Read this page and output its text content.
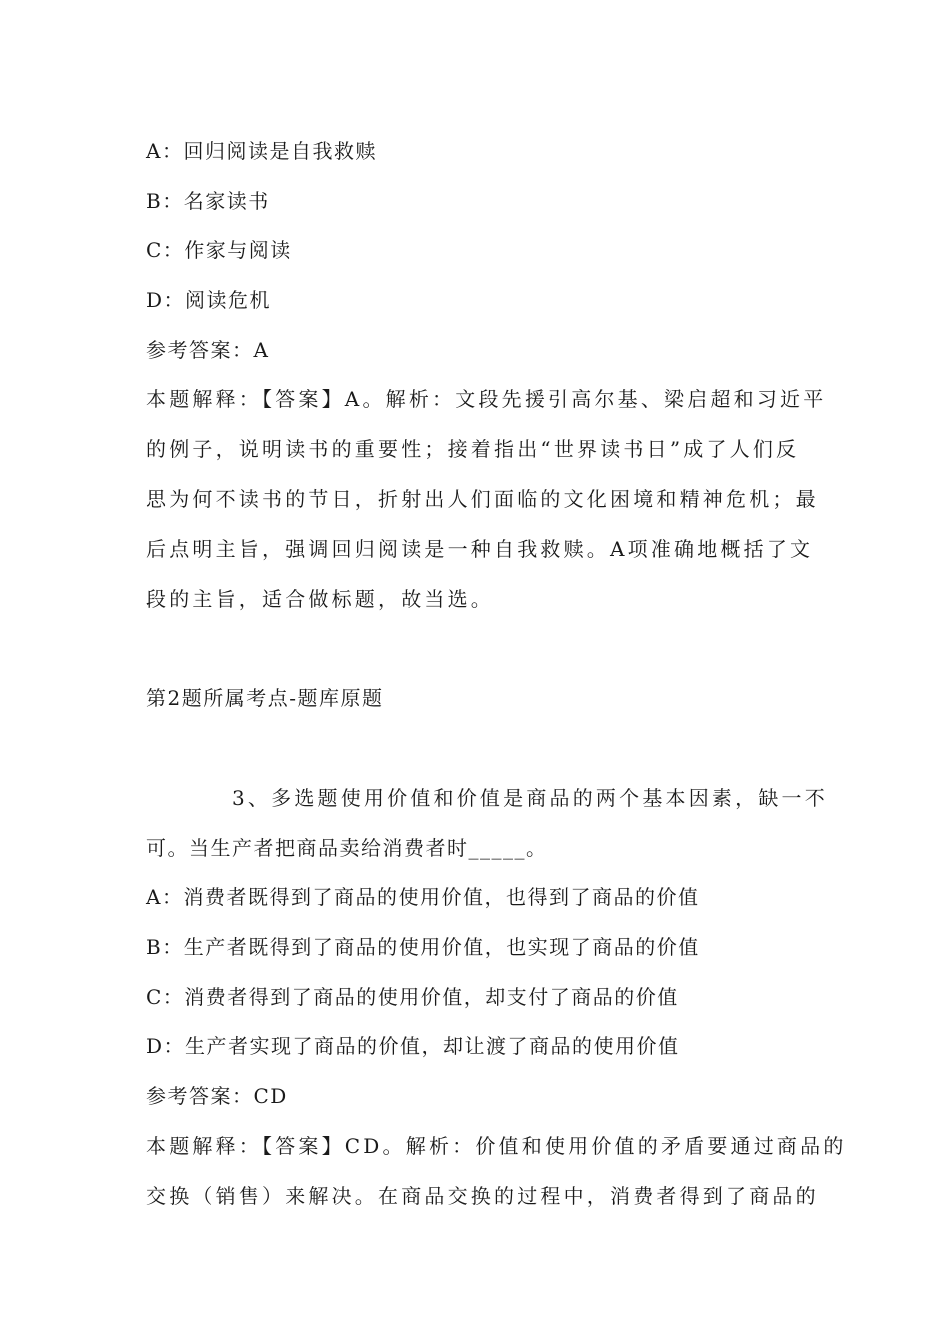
A：回归阅读是自我救赎
B：名家读书
C：作家与阅读
D：阅读危机
参考答案：A
本题解释：【答案】A。解析：文段先援引高尔基、梁启超和习近平
的例子，说明读书的重要性；接着指出“世界读书日”成了人们反
思为何不读书的节日，折射出人们面临的文化困境和精神危机；最
后点明主旨，强调回归阅读是一种自我救赎。A项准确地概括了文
段的主旨，适合做标题，故当选。
第2题所属考点-题库原题
3、多选题使用价值和价值是商品的两个基本因素，缺一不
可。当生产者把商品卖给消费者时_____。
A：消费者既得到了商品的使用价值，也得到了商品的价值
B：生产者既得到了商品的使用价值，也实现了商品的价值
C：消费者得到了商品的使用价值，却支付了商品的价值
D：生产者实现了商品的价值，却让渡了商品的使用价值
参考答案：CD
本题解释：【答案】CD。解析：价值和使用价值的矛盾要通过商品的
交换（销售）来解决。在商品交换的过程中，消费者得到了商品的
